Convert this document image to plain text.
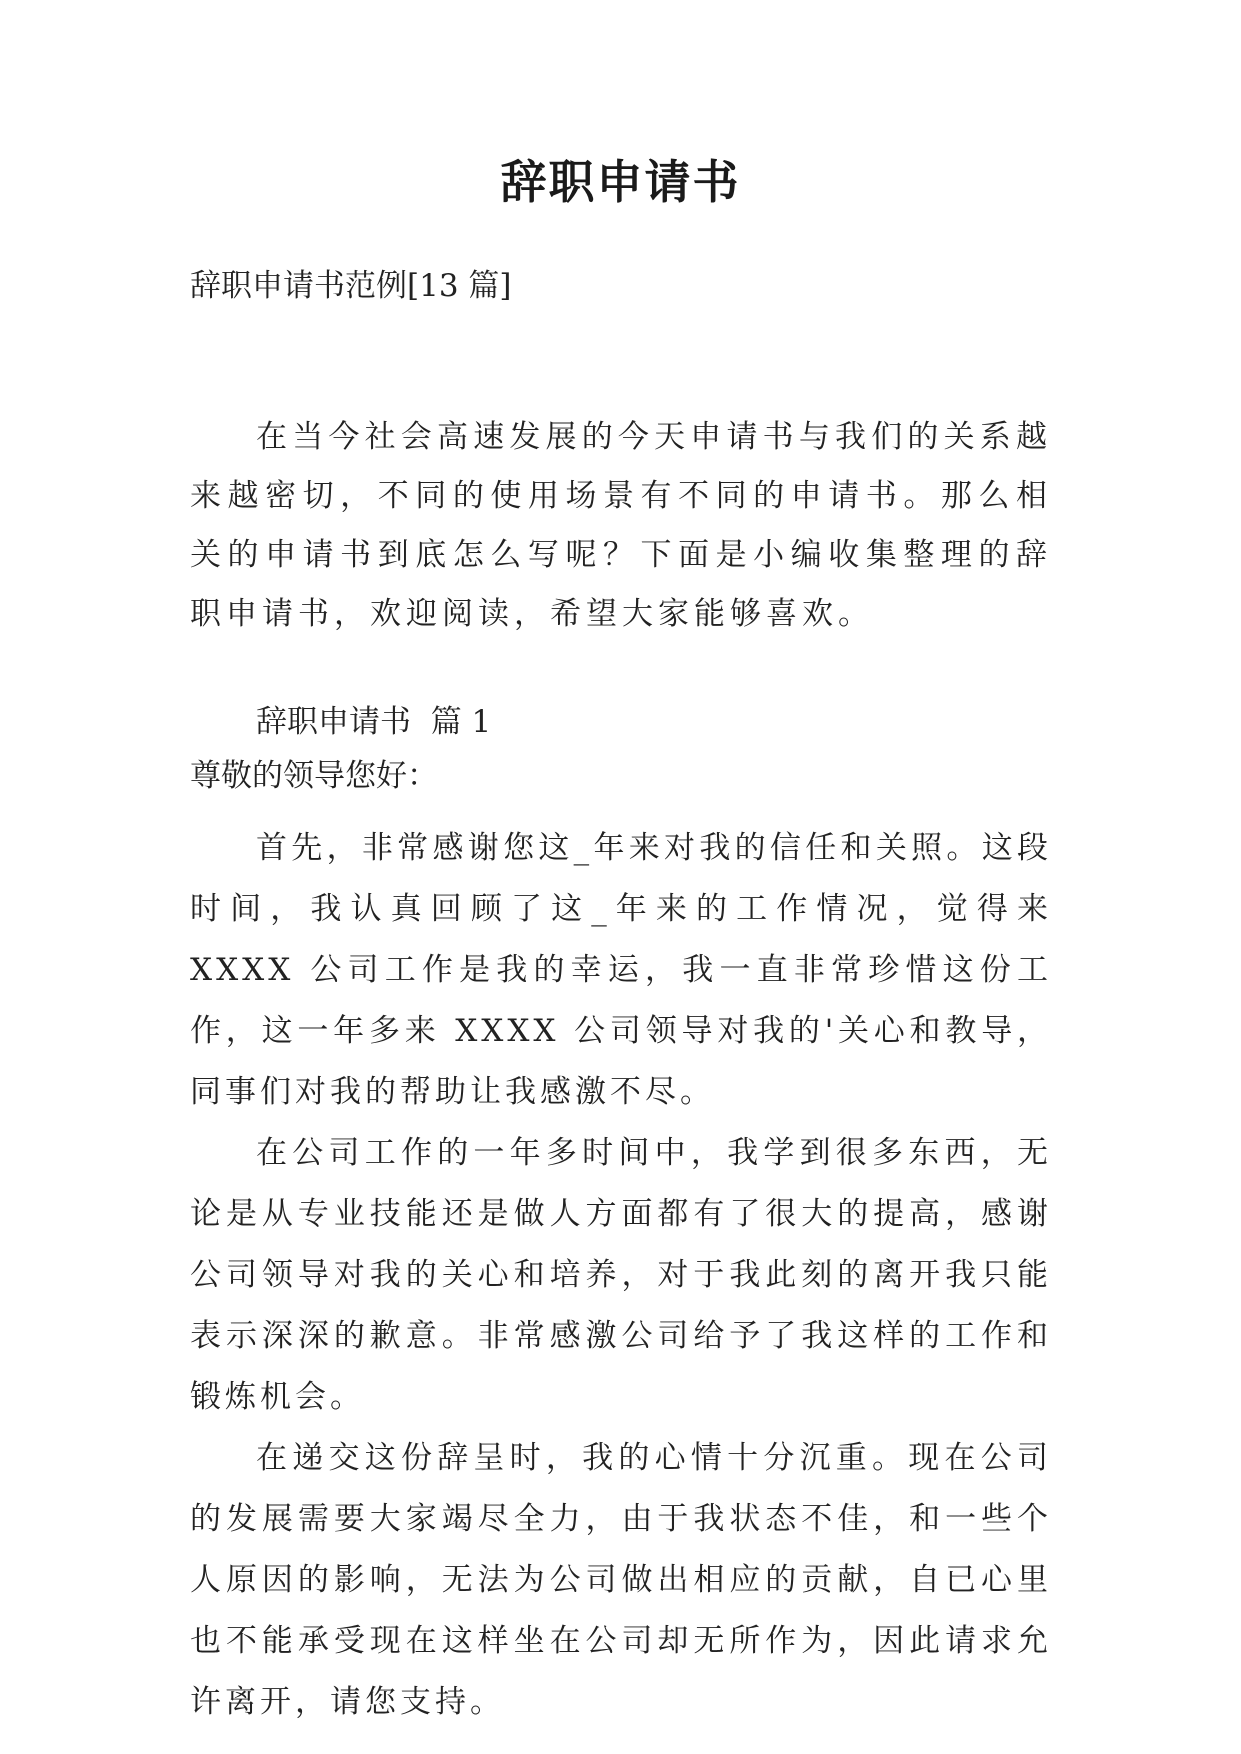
辞职申请书
辞职申请书范例[13 篇]
在当今社会高速发展的今天申请书与我们的关系越来越密切，不同的使用场景有不同的申请书。那么相关的申请书到底怎么写呢？下面是小编收集整理的辞职申请书，欢迎阅读，希望大家能够喜欢。
辞职申请书  篇 1
尊敬的领导您好：

首先，非常感谢您这_年来对我的信任和关照。这段时间，我认真回顾了这_年来的工作情况，觉得来 XXXX 公司工作是我的幸运，我一直非常珍惜这份工作，这一年多来 XXXX 公司领导对我的'关心和教导，同事们对我的帮助让我感激不尽。

在公司工作的一年多时间中，我学到很多东西，无论是从专业技能还是做人方面都有了很大的提高，感谢公司领导对我的关心和培养，对于我此刻的离开我只能表示深深的歉意。非常感激公司给予了我这样的工作和锻炼机会。

在递交这份辞呈时，我的心情十分沉重。现在公司的发展需要大家竭尽全力，由于我状态不佳，和一些个人原因的影响，无法为公司做出相应的贡献，自已心里也不能承受现在这样坐在公司却无所作为，因此请求允许离开，请您支持。
